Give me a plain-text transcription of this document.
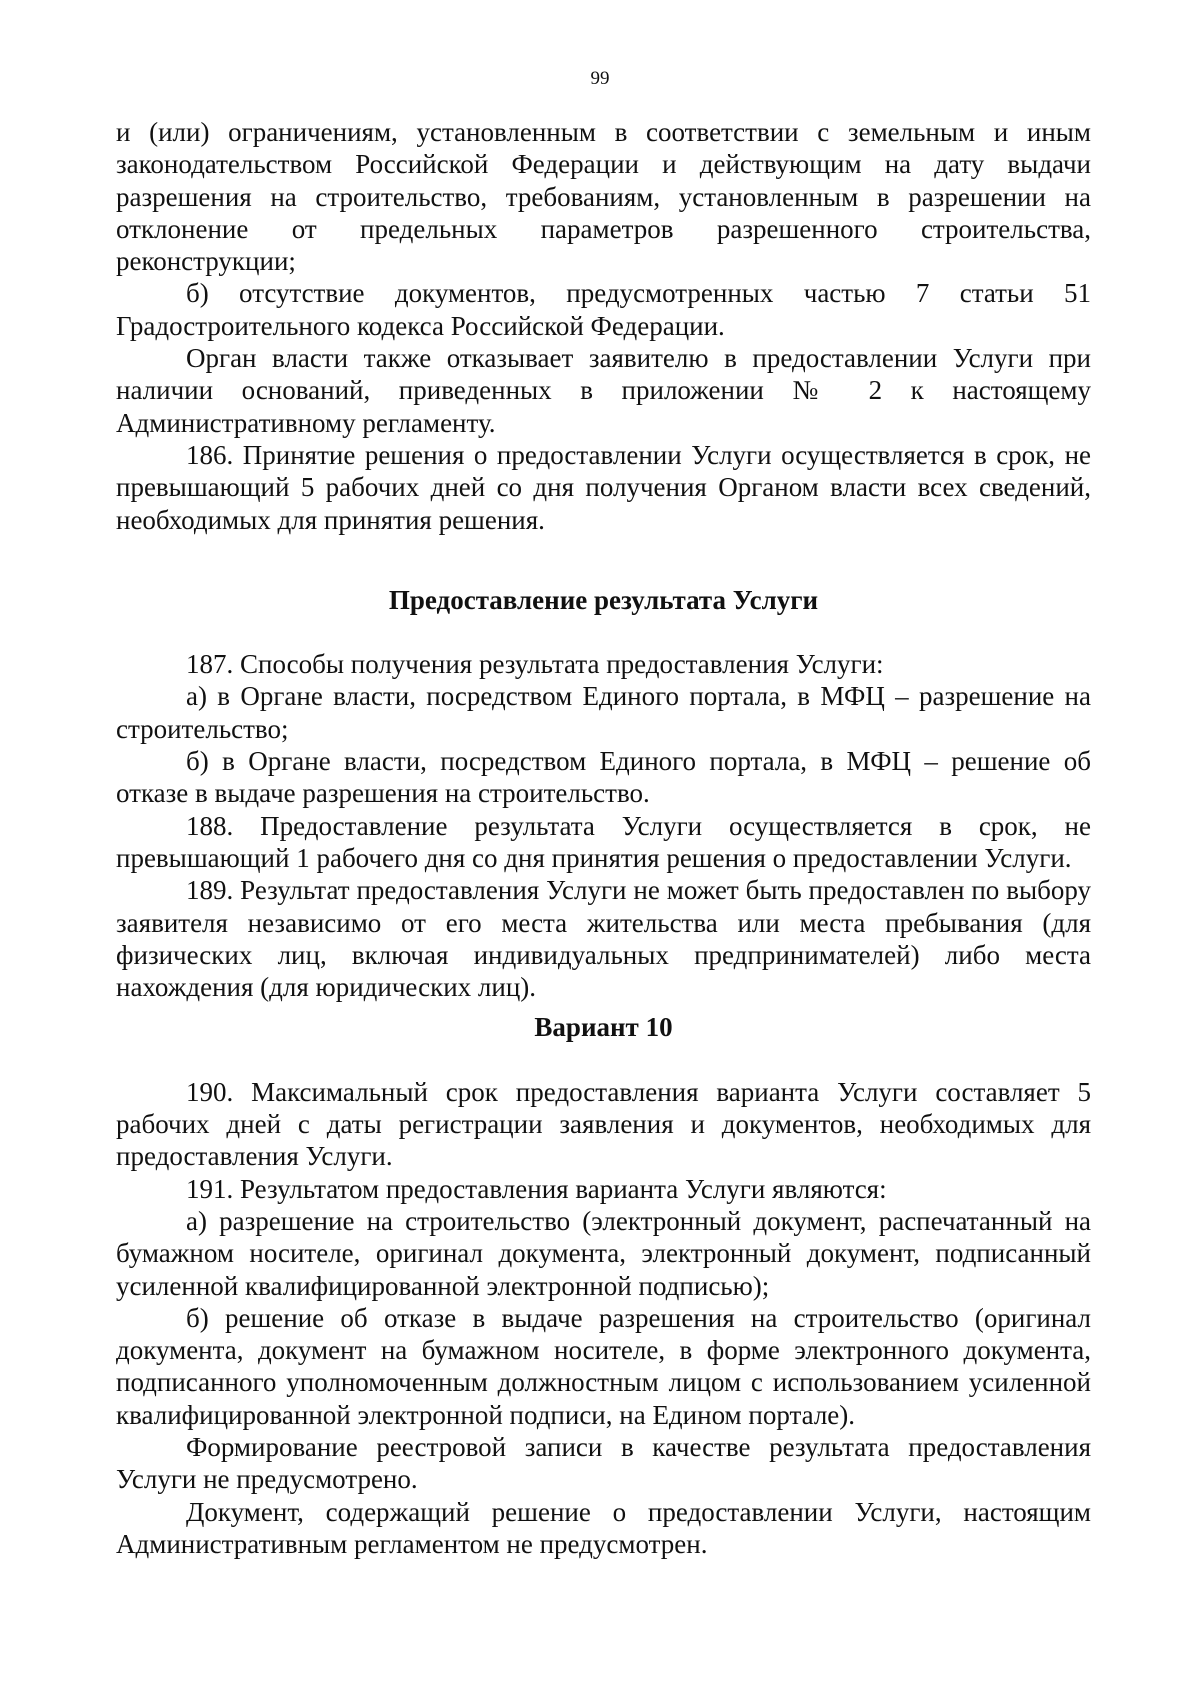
99

и (или) ограничениям, установленным в соответствии с земельным и иным законодательством Российской Федерации и действующим на дату выдачи разрешения на строительство, требованиям, установленным в разрешении на отклонение от предельных параметров разрешенного строительства, реконструкции;

б) отсутствие документов, предусмотренных частью 7 статьи 51 Градостроительного кодекса Российской Федерации.

Орган власти также отказывает заявителю в предоставлении Услуги при наличии оснований, приведенных в приложении № 2 к настоящему Административному регламенту.

186. Принятие решения о предоставлении Услуги осуществляется в срок, не превышающий 5 рабочих дней со дня получения Органом власти всех сведений, необходимых для принятия решения.

Предоставление результата Услуги

187. Способы получения результата предоставления Услуги:

а) в Органе власти, посредством Единого портала, в МФЦ – разрешение на строительство;

б) в Органе власти, посредством Единого портала, в МФЦ – решение об отказе в выдаче разрешения на строительство.

188. Предоставление результата Услуги осуществляется в срок, не превышающий 1 рабочего дня со дня принятия решения о предоставлении Услуги.

189. Результат предоставления Услуги не может быть предоставлен по выбору заявителя независимо от его места жительства или места пребывания (для физических лиц, включая индивидуальных предпринимателей) либо места нахождения (для юридических лиц).

Вариант 10

190. Максимальный срок предоставления варианта Услуги составляет 5 рабочих дней с даты регистрации заявления и документов, необходимых для предоставления Услуги.

191. Результатом предоставления варианта Услуги являются:

а) разрешение на строительство (электронный документ, распечатанный на бумажном носителе, оригинал документа, электронный документ, подписанный усиленной квалифицированной электронной подписью);

б) решение об отказе в выдаче разрешения на строительство (оригинал документа, документ на бумажном носителе, в форме электронного документа, подписанного уполномоченным должностным лицом с использованием усиленной квалифицированной электронной подписи, на Едином портале).

Формирование реестровой записи в качестве результата предоставления Услуги не предусмотрено.

Документ, содержащий решение о предоставлении Услуги, настоящим Административным регламентом не предусмотрен.
